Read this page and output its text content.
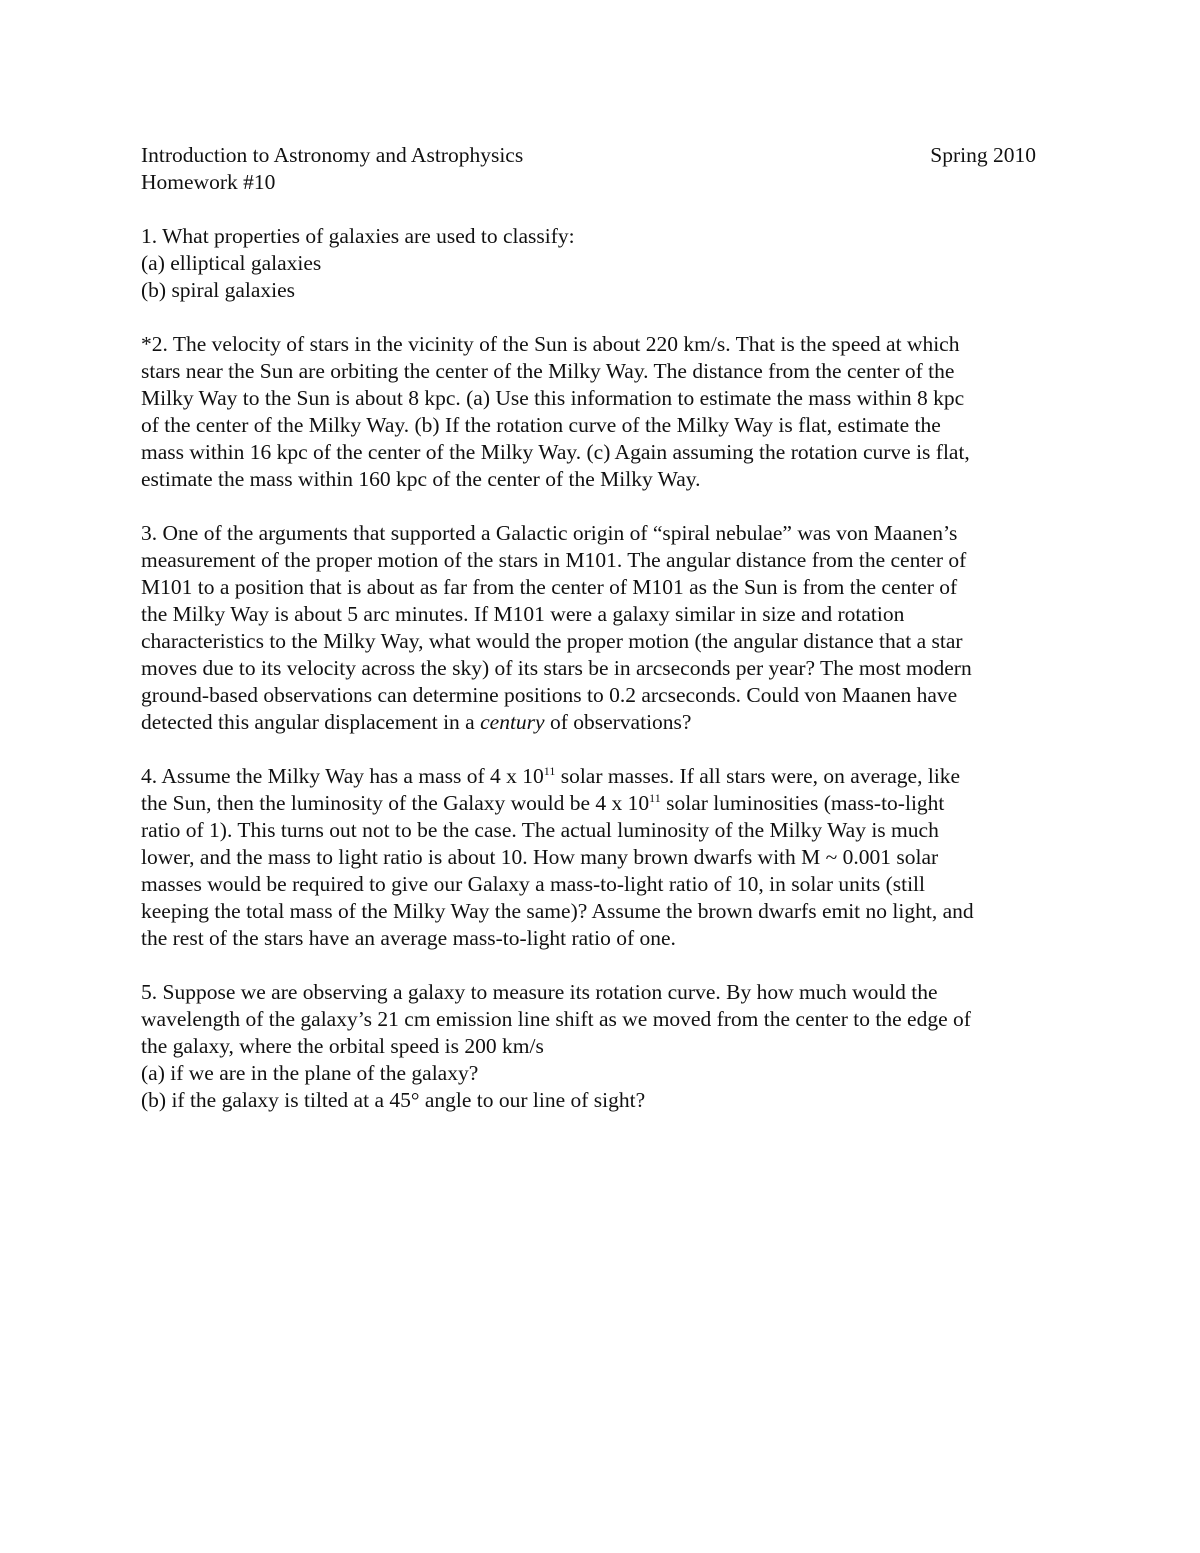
Introduction to Astronomy and Astrophysics	Spring 2010
Homework #10
1. What properties of galaxies are used to classify:
(a) elliptical galaxies
(b) spiral galaxies
*2. The velocity of stars in the vicinity of the Sun is about 220 km/s. That is the speed at which
stars near the Sun are orbiting the center of the Milky Way. The distance from the center of the
Milky Way to the Sun is about 8 kpc. (a) Use this information to estimate the mass within 8 kpc
of the center of the Milky Way. (b) If the rotation curve of the Milky Way is flat, estimate the
mass within 16 kpc of the center of the Milky Way. (c) Again assuming the rotation curve is flat,
estimate the mass within 160 kpc of the center of the Milky Way.
3. One of the arguments that supported a Galactic origin of “spiral nebulae” was von Maanen’s
measurement of the proper motion of the stars in M101. The angular distance from the center of
M101 to a position that is about as far from the center of M101 as the Sun is from the center of
the Milky Way is about 5 arc minutes. If M101 were a galaxy similar in size and rotation
characteristics to the Milky Way, what would the proper motion (the angular distance that a star
moves due to its velocity across the sky) of its stars be in arcseconds per year? The most modern
ground-based observations can determine positions to 0.2 arcseconds. Could von Maanen have
detected this angular displacement in a century of observations?
4. Assume the Milky Way has a mass of 4 x $10^{11}$ solar masses. If all stars were, on average, like
the Sun, then the luminosity of the Galaxy would be 4 x $10^{11}$ solar luminosities (mass-to-light
ratio of 1). This turns out not to be the case. The actual luminosity of the Milky Way is much
lower, and the mass to light ratio is about 10. How many brown dwarfs with M ~ 0.001 solar
masses would be required to give our Galaxy a mass-to-light ratio of 10, in solar units (still
keeping the total mass of the Milky Way the same)? Assume the brown dwarfs emit no light, and
the rest of the stars have an average mass-to-light ratio of one.
5. Suppose we are observing a galaxy to measure its rotation curve. By how much would the
wavelength of the galaxy’s 21 cm emission line shift as we moved from the center to the edge of
the galaxy, where the orbital speed is 200 km/s
(a) if we are in the plane of the galaxy?
(b) if the galaxy is tilted at a 45° angle to our line of sight?
